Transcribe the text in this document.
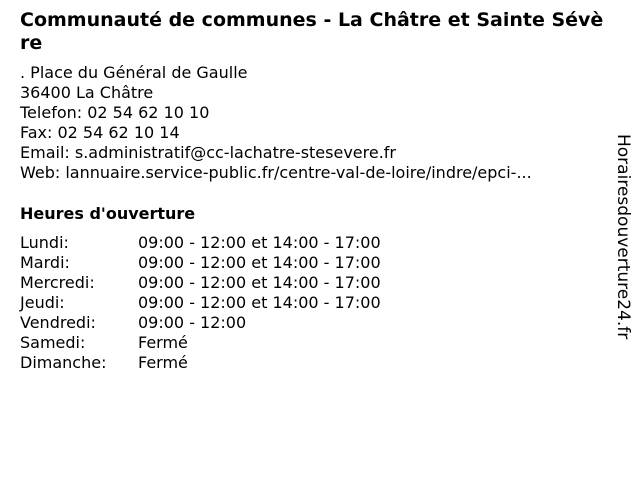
Communauté de communes - La Châtre et Sainte Sévère
. Place du Général de Gaulle
36400 La Châtre
Telefon: 02 54 62 10 10
Fax: 02 54 62 10 14
Email: s.administratif@cc-lachatre-stesevere.fr
Web: lannuaire.service-public.fr/centre-val-de-loire/indre/epci-...
Heures d'ouverture
Lundi:	09:00 - 12:00 et 14:00 - 17:00
Mardi:	09:00 - 12:00 et 14:00 - 17:00
Mercredi:	09:00 - 12:00 et 14:00 - 17:00
Jeudi:	09:00 - 12:00 et 14:00 - 17:00
Vendredi:	09:00 - 12:00
Samedi:	Fermé
Dimanche: Fermé
Horairesdouverture24.fr
